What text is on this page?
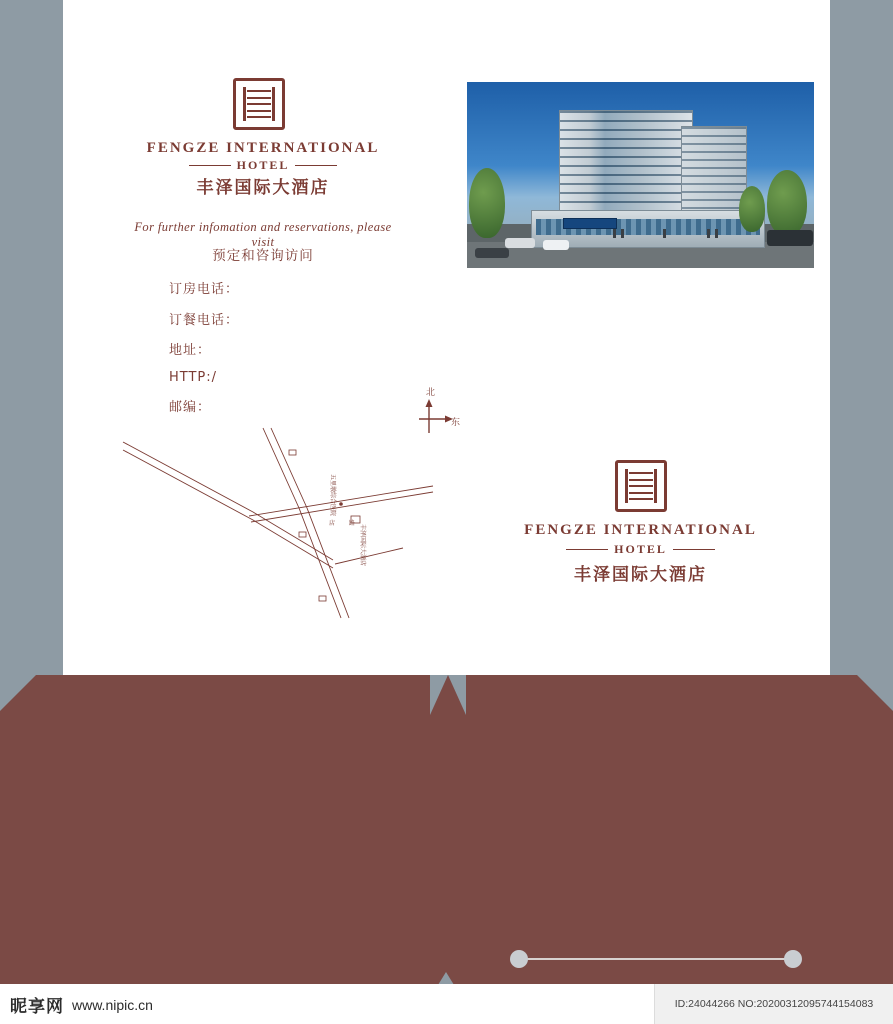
FENGZE INTERNATIONAL
HOTEL
丰泽国际大酒店
For further infomation and reservations, please visit
预定和咨询访问
订房电话：
订餐电话：
地址：
HTTP:/
邮编：
北
东
五里墩综合医院
丰泽国际大酒店
店 路	FENGZE INTERNATIONAL
HOTEL
丰泽国际大酒店
昵享网 www.nipic.cn	ID:24044266 NO:20200312095744154083
